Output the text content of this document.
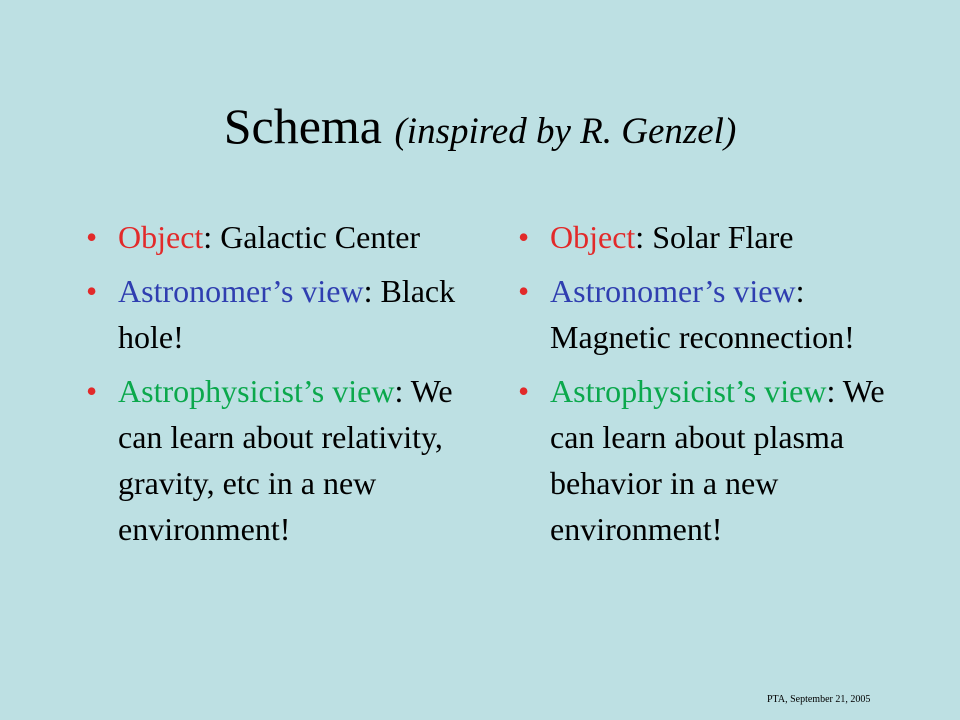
Schema (inspired by R. Genzel)
• Object: Galactic Center
• Astronomer’s view: Black hole!
• Astrophysicist’s view: We can learn about relativity, gravity, etc in a new environment!
• Object: Solar Flare
• Astronomer’s view: Magnetic reconnection!
• Astrophysicist’s view: We can learn about plasma behavior in a new environment!
PTA, September 21, 2005
